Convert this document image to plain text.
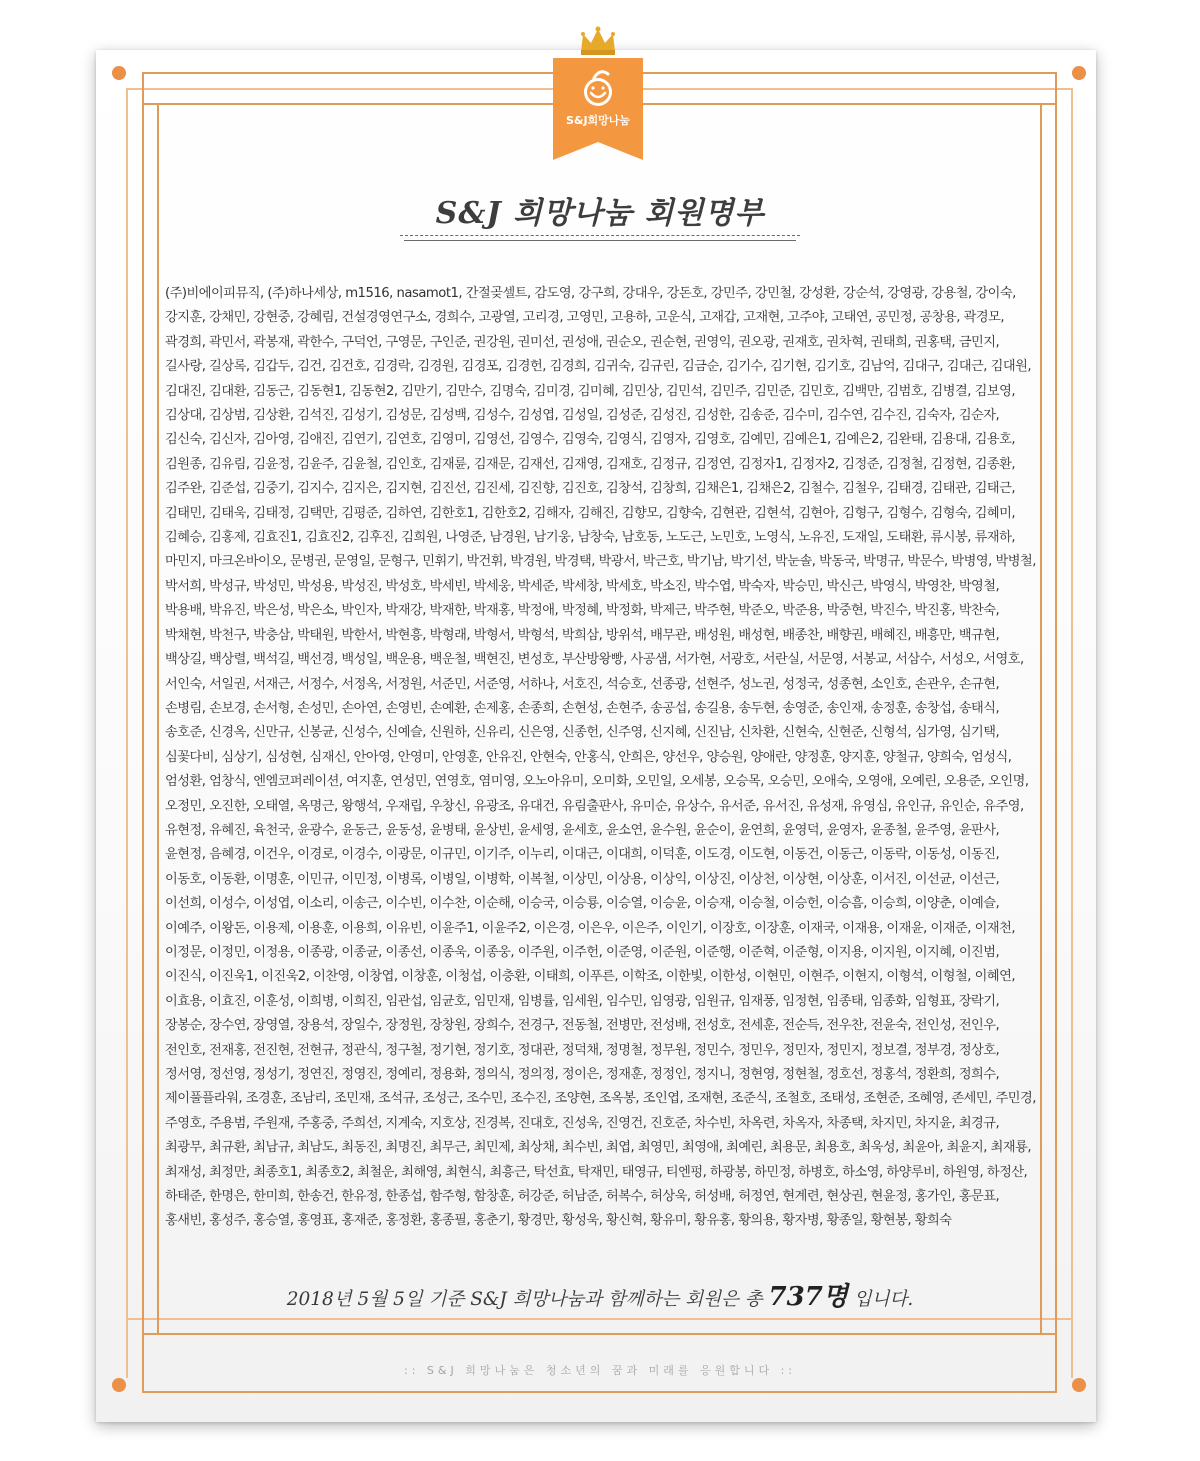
S&J희망나눔
S&J 희망나눔 회원명부
(주)비에이피뮤직, (주)하나세상, m1516, nasamot1, 간절곶셀트, 감도영, 강구희, 강대우, 강돈호, 강민주, 강민철, 강성환, 강순석, 강영광, 강용철, 강이숙, 강지훈, 강채민, 강현중, 강혜림, 건설경영연구소, 경희수, 고광열, 고리경, 고영민, 고용하, 고운식, 고재갑, 고재현, 고주야, 고태연, 공민정, 공창용, 곽경모, 곽경희, 곽민서, 곽봉재, 곽한수, 구덕언, 구영문, 구인준, 권강원, 권미선, 권성애, 권순오, 권순현, 권영익, 권오광, 권재호, 권차혁, 권태희, 권홍택, 금민지, 길사랑, 길상록, 김갑두, 김건, 김건호, 김경락, 김경원, 김경포, 김경헌, 김경희, 김귀숙, 김규린, 김금순, 김기수, 김기현, 김기호, 김남억, 김대구, 김대근, 김대원, 김대진, 김대환, 김동근, 김동현1, 김동현2, 김만기, 김만수, 김명숙, 김미경, 김미혜, 김민상, 김민석, 김민주, 김민준, 김민호, 김백만, 김범호, 김병결, 김보영, 김상대, 김상범, 김상환, 김석진, 김성기, 김성문, 김성백, 김성수, 김성엽, 김성일, 김성준, 김성진, 김성한, 김송준, 김수미, 김수연, 김수진, 김숙자, 김순자, 김신숙, 김신자, 김아영, 김애진, 김연기, 김연호, 김영미, 김영선, 김영수, 김영숙, 김영식, 김영자, 김영호, 김예민, 김예은1, 김예은2, 김완태, 김용대, 김용호, 김원종, 김유림, 김윤정, 김윤주, 김윤철, 김인호, 김재륜, 김재문, 김재선, 김재영, 김재호, 김정규, 김정연, 김정자1, 김정자2, 김정준, 김정철, 김정현, 김종환, 김주완, 김준섭, 김중기, 김지수, 김지은, 김지현, 김진선, 김진세, 김진향, 김진호, 김창석, 김창희, 김채은1, 김채은2, 김철수, 김철우, 김태경, 김태관, 김태근, 김태민, 김태욱, 김태정, 김택만, 김평준, 김하연, 김한호1, 김한호2, 김해자, 김해진, 김향모, 김향숙, 김현관, 김현석, 김현아, 김형구, 김형수, 김형숙, 김혜미, 김혜승, 김홍제, 김효진1, 김효진2, 김후진, 김희원, 나영준, 남경원, 남기웅, 남창숙, 남호동, 노도근, 노민호, 노영식, 노유진, 도재일, 도태환, 류시봉, 류재하, 마민지, 마크온바이오, 문병권, 문영일, 문형구, 민휘기, 박건휘, 박경원, 박경택, 박광서, 박근호, 박기남, 박기선, 박눈솔, 박동국, 박명규, 박문수, 박병영, 박병철, 박서희, 박성규, 박성민, 박성용, 박성진, 박성호, 박세빈, 박세웅, 박세준, 박세창, 박세호, 박소진, 박수엽, 박숙자, 박승민, 박신근, 박영식, 박영찬, 박영철, 박용배, 박유진, 박은성, 박은소, 박인자, 박재강, 박재한, 박재홍, 박정애, 박정혜, 박정화, 박제근, 박주현, 박준오, 박준용, 박중현, 박진수, 박진홍, 박찬숙, 박채현, 박천구, 박충삼, 박태원, 박한서, 박현흥, 박형래, 박형서, 박형석, 박희삼, 방위석, 배무관, 배성원, 배성현, 배종찬, 배향권, 배혜진, 배흥만, 백규현, 백상길, 백상렬, 백석길, 백선경, 백성일, 백운용, 백운철, 백현진, 변성호, 부산방왕빵, 사공샘, 서가현, 서광호, 서란실, 서문영, 서봉교, 서삼수, 서성오, 서영호, 서인숙, 서일권, 서재근, 서정수, 서정옥, 서정원, 서준민, 서준영, 서하나, 서호진, 석승호, 선종광, 선현주, 성노권, 성정국, 성종현, 소인호, 손관우, 손규현, 손병림, 손보경, 손서형, 손성민, 손아연, 손영빈, 손예환, 손제홍, 손종희, 손현성, 손현주, 송공섭, 송길용, 송두현, 송영준, 송인재, 송정훈, 송창섭, 송태식, 송호준, 신경옥, 신만규, 신봉균, 신성수, 신예슬, 신원하, 신유리, 신은영, 신종헌, 신주영, 신지혜, 신진남, 신차환, 신현숙, 신현준, 신형석, 심가영, 심기택, 심꽃다비, 심상기, 심성현, 심재신, 안아영, 안영미, 안영훈, 안유진, 안현숙, 안홍식, 안희은, 양선우, 양승원, 양애란, 양정훈, 양지훈, 양철규, 양희숙, 엄성식, 엄성환, 엄창식, 엔엠코퍼레이션, 여지훈, 연성민, 연영호, 염미영, 오노아유미, 오미화, 오민일, 오세봉, 오승목, 오승민, 오애숙, 오영애, 오예린, 오용준, 오인명, 오정민, 오진한, 오태열, 옥명근, 왕행석, 우재립, 우창신, 유광조, 유대건, 유림출판사, 유미순, 유상수, 유서준, 유서진, 유성재, 유영심, 유인규, 유인순, 유주영, 유현정, 유혜진, 육천국, 윤광수, 윤동근, 윤동성, 윤병태, 윤상빈, 윤세영, 윤세호, 윤소연, 윤수원, 윤순이, 윤연희, 윤영덕, 윤영자, 윤종철, 윤주영, 윤판사, 윤현정, 음혜경, 이건우, 이경로, 이경수, 이광문, 이규민, 이기주, 이누리, 이대근, 이대희, 이덕훈, 이도경, 이도현, 이동건, 이동근, 이동락, 이동성, 이동진, 이동호, 이동환, 이명훈, 이민규, 이민정, 이병록, 이병일, 이병학, 이복철, 이상민, 이상용, 이상익, 이상진, 이상천, 이상현, 이상훈, 이서진, 이선균, 이선근, 이선희, 이성수, 이성엽, 이소리, 이송근, 이수빈, 이수찬, 이순해, 이승국, 이승룡, 이승열, 이승윤, 이승재, 이승철, 이승헌, 이승흠, 이승희, 이양춘, 이예슬, 이예주, 이왕돈, 이용제, 이용훈, 이용희, 이유빈, 이윤주1, 이윤주2, 이은경, 이은우, 이은주, 이인기, 이장호, 이장훈, 이재국, 이재용, 이재윤, 이재준, 이재천, 이정문, 이정민, 이정용, 이종광, 이종균, 이종선, 이종욱, 이종웅, 이주원, 이주헌, 이준영, 이준원, 이준행, 이준혁, 이준형, 이지용, 이지원, 이지혜, 이진범, 이진식, 이진욱1, 이진욱2, 이찬영, 이창엽, 이창훈, 이청섭, 이충환, 이태희, 이푸른, 이학조, 이한빛, 이한성, 이현민, 이현주, 이현지, 이형석, 이형철, 이혜연, 이효용, 이효진, 이훈성, 이희병, 이희진, 임관섭, 임균호, 임민재, 임병률, 임세원, 임수민, 임영광, 임원규, 임재풍, 임정현, 임종태, 임종화, 임형표, 장락기, 장봉순, 장수연, 장영열, 장용석, 장일수, 장정원, 장창원, 장희수, 전경구, 전동철, 전병만, 전성배, 전성호, 전세훈, 전순득, 전우찬, 전윤숙, 전인성, 전인우, 전인호, 전재홍, 전진현, 전현규, 정관식, 정구철, 정기현, 정기호, 정대관, 정덕채, 정명철, 정무원, 정민수, 정민우, 정민자, 정민지, 정보결, 정부경, 정상호, 정서영, 정선영, 정성기, 정연진, 정영진, 정예리, 정용화, 정의식, 정의정, 정이은, 정재훈, 정정인, 정지니, 정현영, 정현철, 정호선, 정홍석, 정환희, 정희수, 제이풀플라워, 조경훈, 조남리, 조민재, 조석규, 조성근, 조수민, 조수진, 조양현, 조옥봉, 조인엽, 조재현, 조준식, 조철호, 조태성, 조현준, 조혜영, 존세민, 주민경, 주영호, 주용범, 주원재, 주홍중, 주희선, 지계숙, 지호상, 진경복, 진대호, 진성욱, 진영건, 진호준, 차수빈, 차옥련, 차옥자, 차종택, 차지민, 차지윤, 최경규, 최광무, 최규환, 최남규, 최남도, 최동진, 최명진, 최무근, 최민제, 최상채, 최수빈, 최엽, 최영민, 최영애, 최예린, 최용문, 최용호, 최욱성, 최윤아, 최윤지, 최재룡, 최재성, 최정만, 최종호1, 최종호2, 최철운, 최해영, 최현식, 최흥근, 탁선효, 탁재민, 태영규, 티엔펑, 하광봉, 하민정, 하병호, 하소영, 하양루비, 하원영, 하정산, 하태준, 한명은, 한미희, 한송건, 한유정, 한종섭, 함주형, 함창훈, 허강준, 허남준, 허복수, 허상욱, 허성배, 허정연, 현계련, 현상권, 현윤정, 홍가인, 홍문표, 홍새빈, 홍성주, 홍승열, 홍영표, 홍재준, 홍정환, 홍종필, 홍춘기, 황경만, 황성욱, 황신혁, 황유미, 황유홍, 황의용, 황자병, 황종일, 황현봉, 황희숙
2018년 5월 5일 기준 S&J 희망나눔과 함께하는 회원은 총 737명 입니다.
:: S&J 희망나눔은 청소년의 꿈과 미래를 응원합니다 ::
